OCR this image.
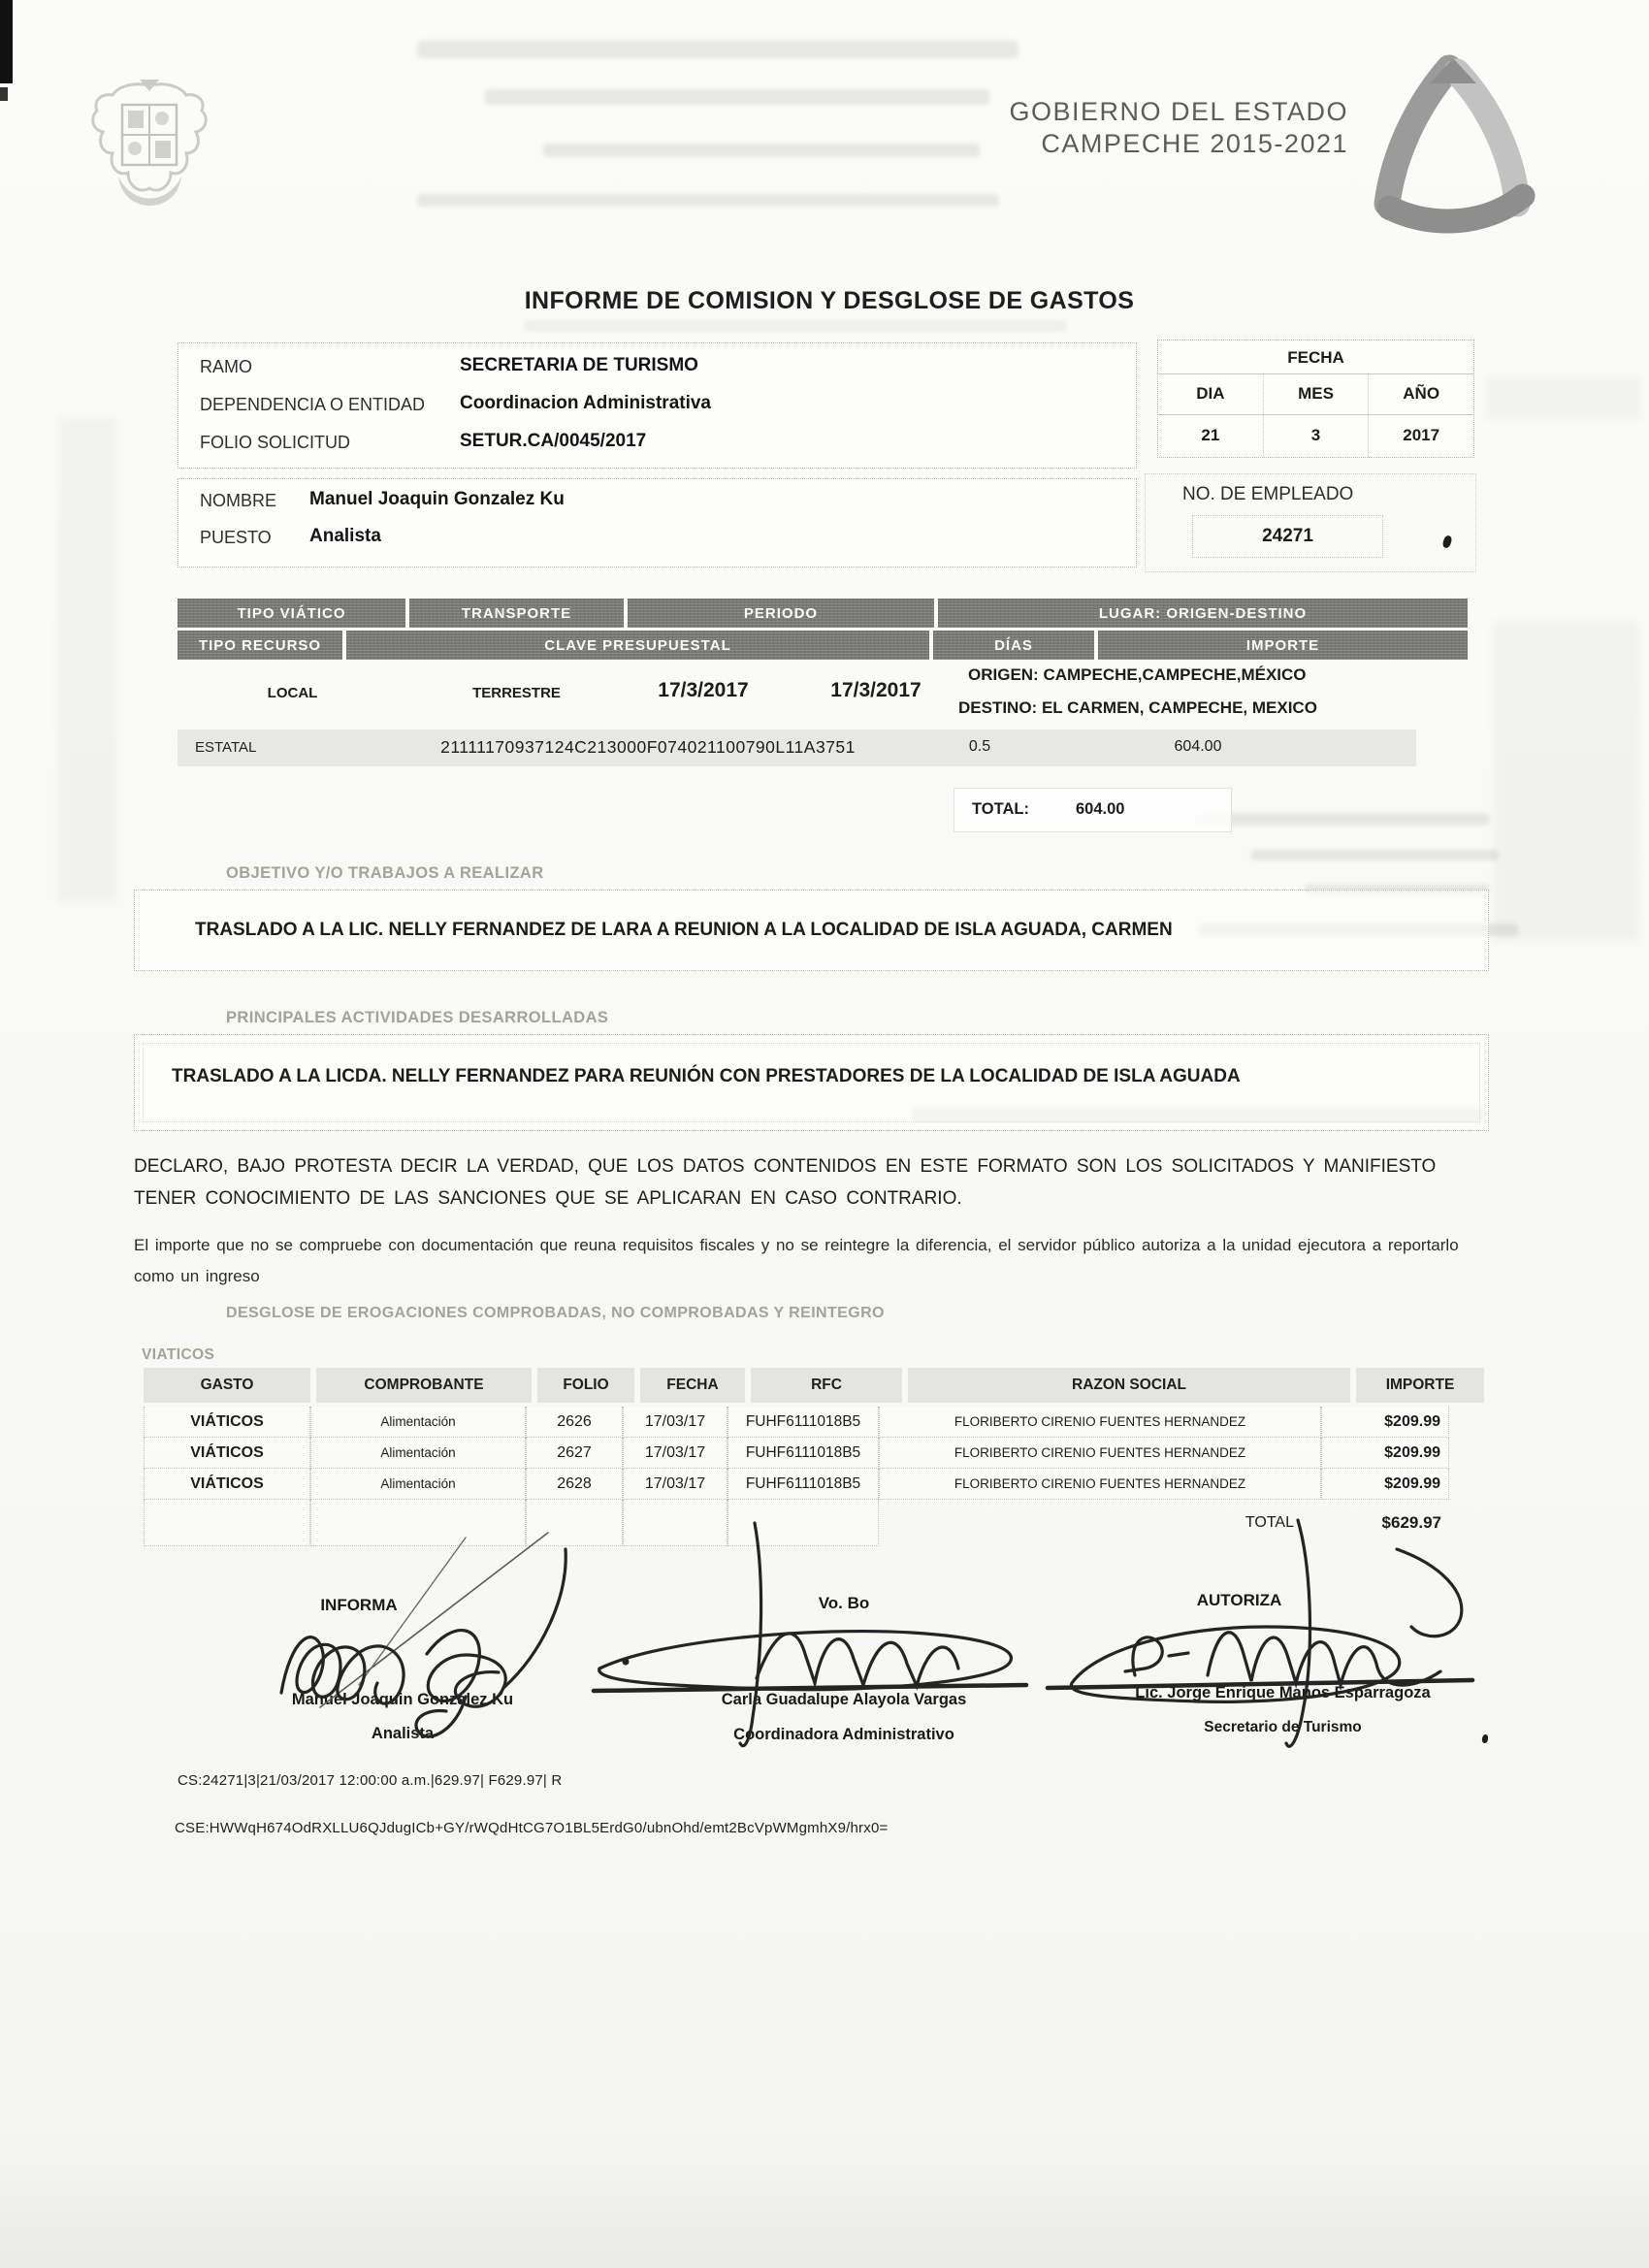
GOBIERNO DEL ESTADO
CAMPECHE 2015-2021
INFORME DE COMISION Y DESGLOSE DE GASTOS
RAMO	SECRETARIA DE TURISMO
DEPENDENCIA O ENTIDAD Coordinacion Administrativa
FOLIO SOLICITUD	SETUR.CA/0045/2017
FECHA
DIA	MES	AÑO
21	3	2017
NOMBRE Manuel Joaquin Gonzalez Ku
PUESTO Analista
NO. DE EMPLEADO
24271
TIPO VIÁTICO	TRANSPORTE	PERIODO	LUGAR: ORIGEN-DESTINO
TIPO RECURSO	CLAVE PRESUPUESTAL	DÍAS	IMPORTE
LOCAL	TERRESTRE	17/3/2017	17/3/2017
ORIGEN: CAMPECHE,CAMPECHE,MÉXICO
DESTINO: EL CARMEN, CAMPECHE, MEXICO
ESTATAL	21111170937124C213000F074021100790L11A3751	0.5	604.00
TOTAL:	604.00
OBJETIVO Y/O TRABAJOS A REALIZAR
TRASLADO A LA LIC. NELLY FERNANDEZ DE LARA A REUNION A LA LOCALIDAD DE ISLA AGUADA, CARMEN
PRINCIPALES ACTIVIDADES DESARROLLADAS
TRASLADO A LA LICDA. NELLY FERNANDEZ PARA REUNIÓN CON PRESTADORES DE LA LOCALIDAD DE ISLA AGUADA
DECLARO, BAJO PROTESTA DECIR LA VERDAD, QUE LOS DATOS CONTENIDOS EN ESTE FORMATO SON LOS SOLICITADOS Y MANIFIESTO TENER CONOCIMIENTO DE LAS SANCIONES QUE SE APLICARAN EN CASO CONTRARIO.
El importe que no se compruebe con documentación que reuna requisitos fiscales y no se reintegre la diferencia, el servidor público autoriza a la unidad ejecutora a reportarlo como un ingreso
DESGLOSE DE EROGACIONES COMPROBADAS, NO COMPROBADAS Y REINTEGRO
VIATICOS
GASTO	COMPROBANTE	FOLIO	FECHA	RFC	RAZON SOCIAL	IMPORTE
VIÁTICOS	Alimentación	2626	17/03/17	FUHF6111018B5	FLORIBERTO CIRENIO FUENTES HERNANDEZ	$209.99
VIÁTICOS	Alimentación	2627	17/03/17	FUHF6111018B5	FLORIBERTO CIRENIO FUENTES HERNANDEZ	$209.99
VIÁTICOS	Alimentación	2628	17/03/17	FUHF6111018B5	FLORIBERTO CIRENIO FUENTES HERNANDEZ	$209.99
TOTAL	$629.97
INFORMA
Manuel Joaquin Gonzalez Ku
Analista
Vo. Bo
Carla Guadalupe Alayola Vargas
Coordinadora Administrativo
AUTORIZA
Lic. Jorge Enrique Manos Esparragoza
Secretario de Turismo
CS:24271|3|21/03/2017 12:00:00 a.m.|629.97| F629.97| R
CSE:HWWqH674OdRXLLU6QJdugICb+GY/rWQdHtCG7O1BL5ErdG0/ubnOhd/emt2BcVpWMgmhX9/hrx0=
